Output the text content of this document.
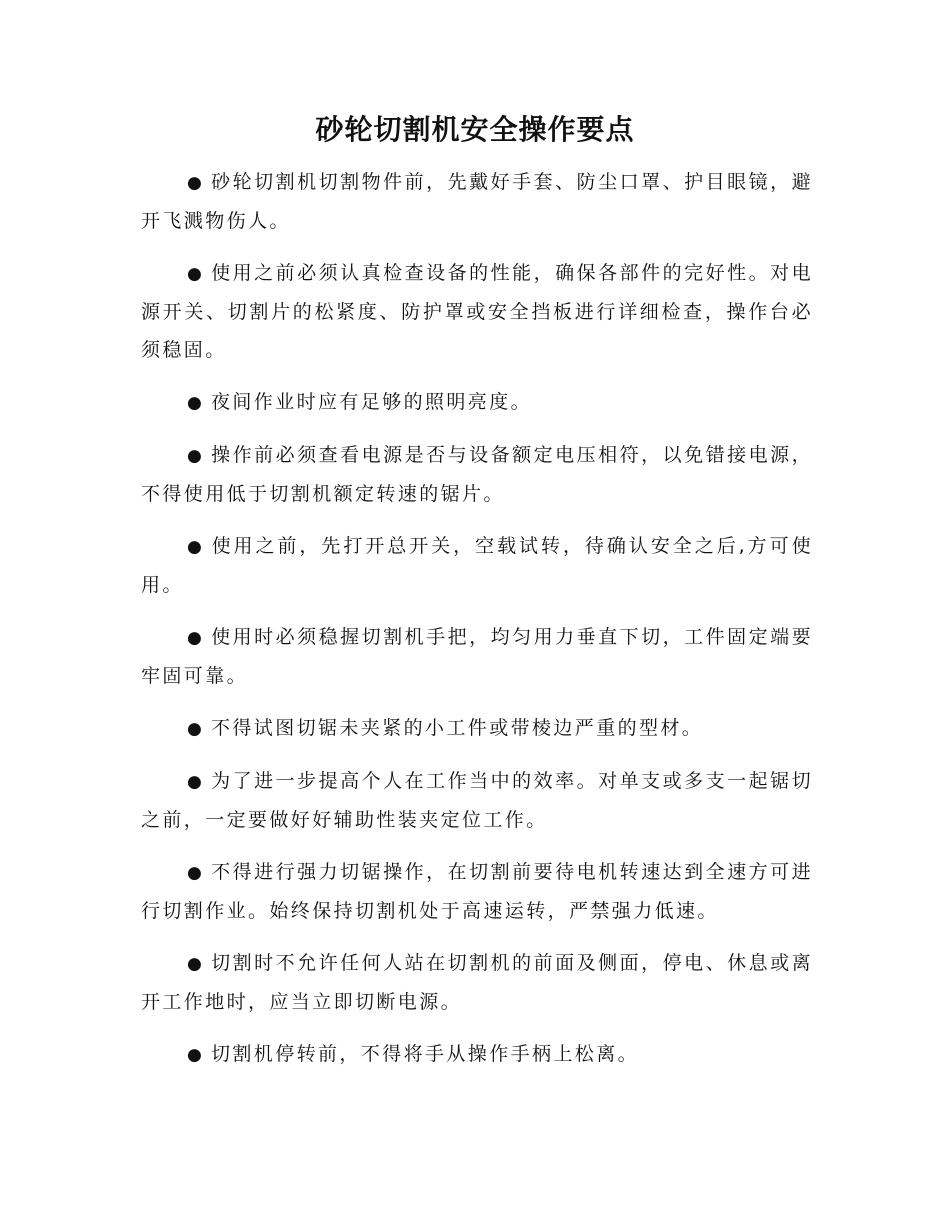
砂轮切割机安全操作要点

● 砂轮切割机切割物件前，先戴好手套、防尘口罩、护目眼镜，避开飞溅物伤人。

● 使用之前必须认真检查设备的性能，确保各部件的完好性。对电源开关、切割片的松紧度、防护罩或安全挡板进行详细检查，操作台必须稳固。

● 夜间作业时应有足够的照明亮度。

● 操作前必须查看电源是否与设备额定电压相符，以免错接电源， 不得使用低于切割机额定转速的锯片。

● 使用之前，先打开总开关，空载试转，待确认安全之后,方可使用。

● 使用时必须稳握切割机手把，均匀用力垂直下切，工件固定端要牢固可靠。

● 不得试图切锯未夹紧的小工件或带棱边严重的型材。

● 为了进一步提高个人在工作当中的效率。对单支或多支一起锯切之前，一定要做好好辅助性装夹定位工作。

● 不得进行强力切锯操作，在切割前要待电机转速达到全速方可进行切割作业。始终保持切割机处于高速运转，严禁强力低速。

● 切割时不允许任何人站在切割机的前面及侧面，停电、休息或离开工作地时，应当立即切断电源。

● 切割机停转前，不得将手从操作手柄上松离。
